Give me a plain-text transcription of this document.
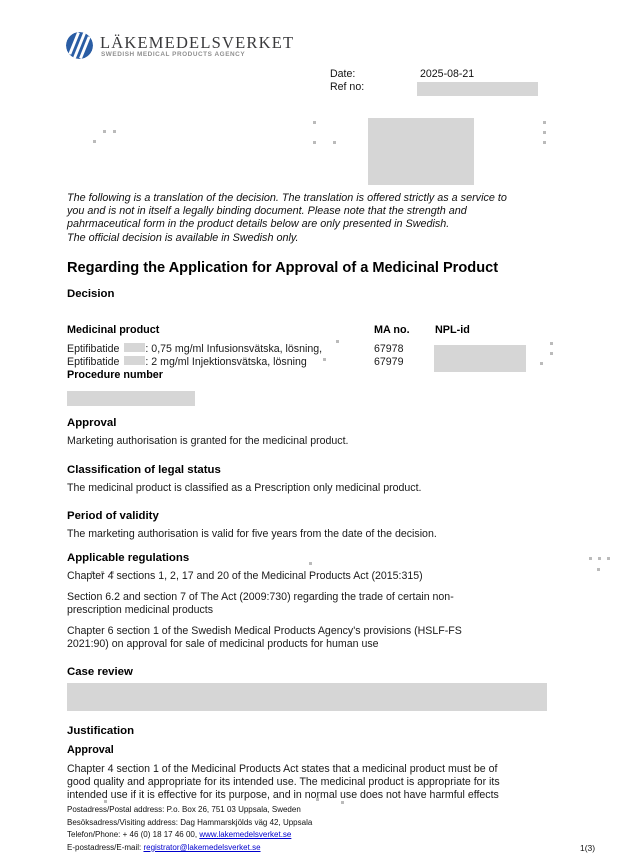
LÄKEMEDELSVERKET
SWEDISH MEDICAL PRODUCTS AGENCY
Date:	2025-08-21
Ref no:
The following is a translation of the decision. The translation is offered strictly as a service to
you and is not in itself a legally binding document. Please note that the strength and
pahrmaceutical form in the product details below are only presented in Swedish.
The official decision is available in Swedish only.
Regarding the Application for Approval of a Medicinal Product
Decision
Medicinal product	MA no. NPL-id
Eptifibatide : 0,75 mg/ml Infusionsvätska, lösning,	67978
Eptifibatide : 2 mg/ml Injektionsvätska, lösning	67979
Procedure number
Approval
Marketing authorisation is granted for the medicinal product.
Classification of legal status
The medicinal product is classified as a Prescription only medicinal product.
Period of validity
The marketing authorisation is valid for five years from the date of the decision.
Applicable regulations
Chapter 4 sections 1, 2, 17 and 20 of the Medicinal Products Act (2015:315)
Section 6.2 and section 7 of The Act (2009:730) regarding the trade of certain non-
prescription medicinal products
Chapter 6 section 1 of the Swedish Medical Products Agency's provisions (HSLF-FS
2021:90) on approval for sale of medicinal products for human use
Case review
Justification
Approval
Chapter 4 section 1 of the Medicinal Products Act states that a medicinal product must be of
good quality and appropriate for its intended use. The medicinal product is appropriate for its
intended use if it is effective for its purpose, and in normal use does not have harmful effects
Postadress/Postal address: P.o. Box 26, 751 03 Uppsala, Sweden
Besöksadress/Visiting address: Dag Hammarskjölds väg 42, Uppsala
Telefon/Phone: + 46 (0) 18 17 46 00, www.lakemedelsverket.se
E-postadress/E-mail: registrator@lakemedelsverket.se	1(3)
